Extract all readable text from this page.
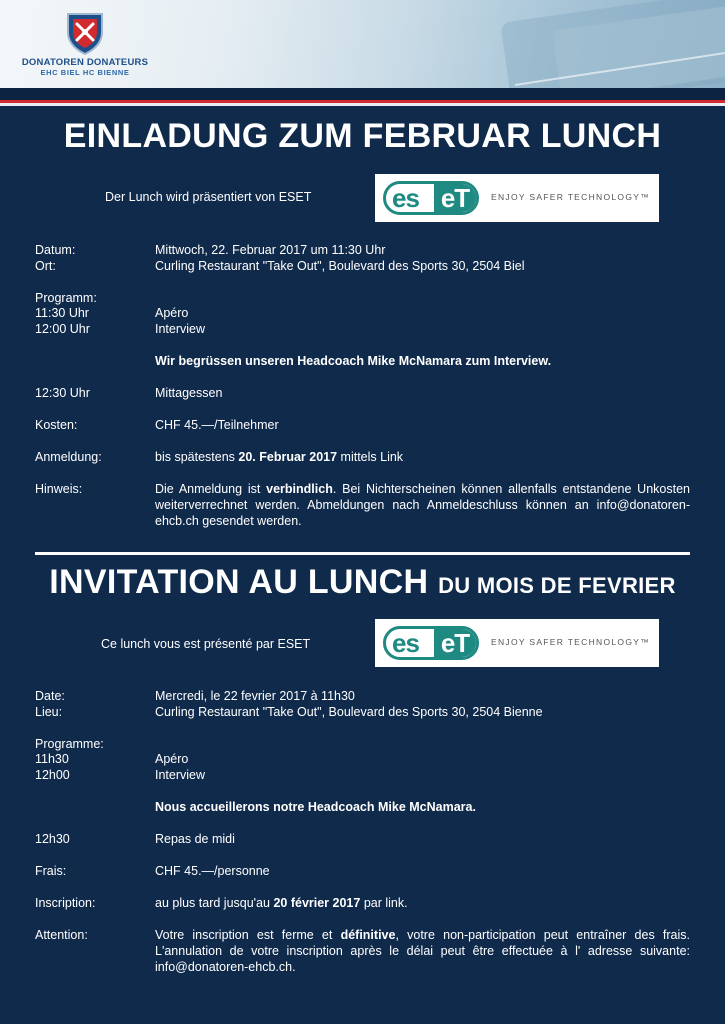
DONATOREN DONATEURS
EHC BIEL HC BIENNE
EINLADUNG ZUM FEBRUAR LUNCH
Der Lunch wird präsentiert von ESET	es eT	ENJOY SAFER TECHNOLOGY™
Datum:	Mittwoch, 22. Februar 2017 um 11:30 Uhr
Ort:	Curling Restaurant "Take Out", Boulevard des Sports 30, 2504 Biel
Programm:
11:30 Uhr	Apéro
12:00 Uhr	Interview
Wir begrüssen unseren Headcoach Mike McNamara zum Interview.
12:30 Uhr	Mittagessen
Kosten:	CHF 45.—/Teilnehmer
Anmeldung:	bis spätestens 20. Februar 2017 mittels Link
Hinweis:	Die Anmeldung ist verbindlich. Bei Nichterscheinen können allenfalls entstandene Unkosten weiterverrechnet werden. Abmeldungen nach Anmeldeschluss können an info@donatoren-ehcb.ch gesendet werden.
INVITATION AU LUNCH DU MOIS DE FEVRIER
Ce lunch vous est présenté par ESET	es eT	ENJOY SAFER TECHNOLOGY™
Date:	Mercredi, le 22 fevrier 2017 à 11h30
Lieu:	Curling Restaurant "Take Out", Boulevard des Sports 30, 2504 Bienne
Programme:
11h30	Apéro
12h00	Interview
Nous accueillerons notre Headcoach Mike McNamara.
12h30	Repas de midi
Frais:	CHF 45.—/personne
Inscription:	au plus tard jusqu'au 20 février 2017 par link.
Attention:	Votre inscription est ferme et définitive, votre non-participation peut entraîner des frais. L'annulation de votre inscription après le délai peut être effectuée à l' adresse suivante: info@donatoren-ehcb.ch.
